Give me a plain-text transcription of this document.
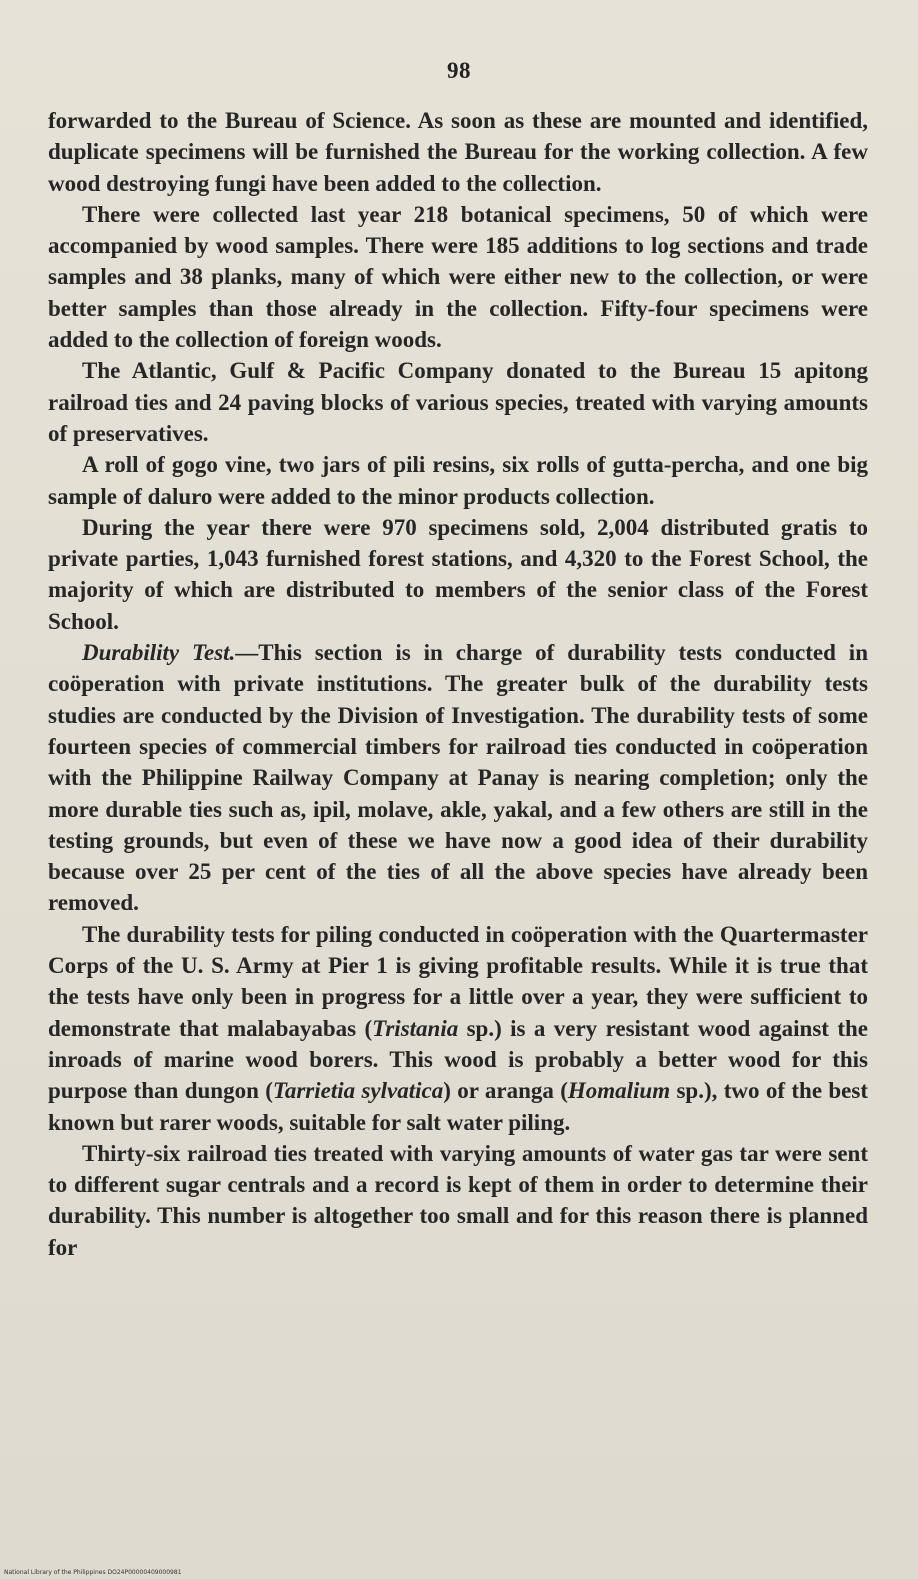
98

forwarded to the Bureau of Science. As soon as these are mounted and identified, duplicate specimens will be furnished the Bureau for the working collection. A few wood destroying fungi have been added to the collection.

There were collected last year 218 botanical specimens, 50 of which were accompanied by wood samples. There were 185 additions to log sections and trade samples and 38 planks, many of which were either new to the collection, or were better samples than those already in the collection. Fifty-four specimens were added to the collection of foreign woods.

The Atlantic, Gulf & Pacific Company donated to the Bureau 15 apitong railroad ties and 24 paving blocks of various species, treated with varying amounts of preservatives.

A roll of gogo vine, two jars of pili resins, six rolls of gutta-percha, and one big sample of daluro were added to the minor products collection.

During the year there were 970 specimens sold, 2,004 distributed gratis to private parties, 1,043 furnished forest stations, and 4,320 to the Forest School, the majority of which are distributed to members of the senior class of the Forest School.

Durability Test.—This section is in charge of durability tests conducted in coöperation with private institutions. The greater bulk of the durability tests studies are conducted by the Division of Investigation. The durability tests of some fourteen species of commercial timbers for railroad ties conducted in coöperation with the Philippine Railway Company at Panay is nearing completion; only the more durable ties such as, ipil, molave, akle, yakal, and a few others are still in the testing grounds, but even of these we have now a good idea of their durability because over 25 per cent of the ties of all the above species have already been removed.

The durability tests for piling conducted in coöperation with the Quartermaster Corps of the U. S. Army at Pier 1 is giving profitable results. While it is true that the tests have only been in progress for a little over a year, they were sufficient to demonstrate that malabayabas (Tristania sp.) is a very resistant wood against the inroads of marine wood borers. This wood is probably a better wood for this purpose than dungon (Tarrietia sylvatica) or aranga (Homalium sp.), two of the best known but rarer woods, suitable for salt water piling.

Thirty-six railroad ties treated with varying amounts of water gas tar were sent to different sugar centrals and a record is kept of them in order to determine their durability. This number is altogether too small and for this reason there is planned for

National Library of the Philippines DO24P00000409000981
